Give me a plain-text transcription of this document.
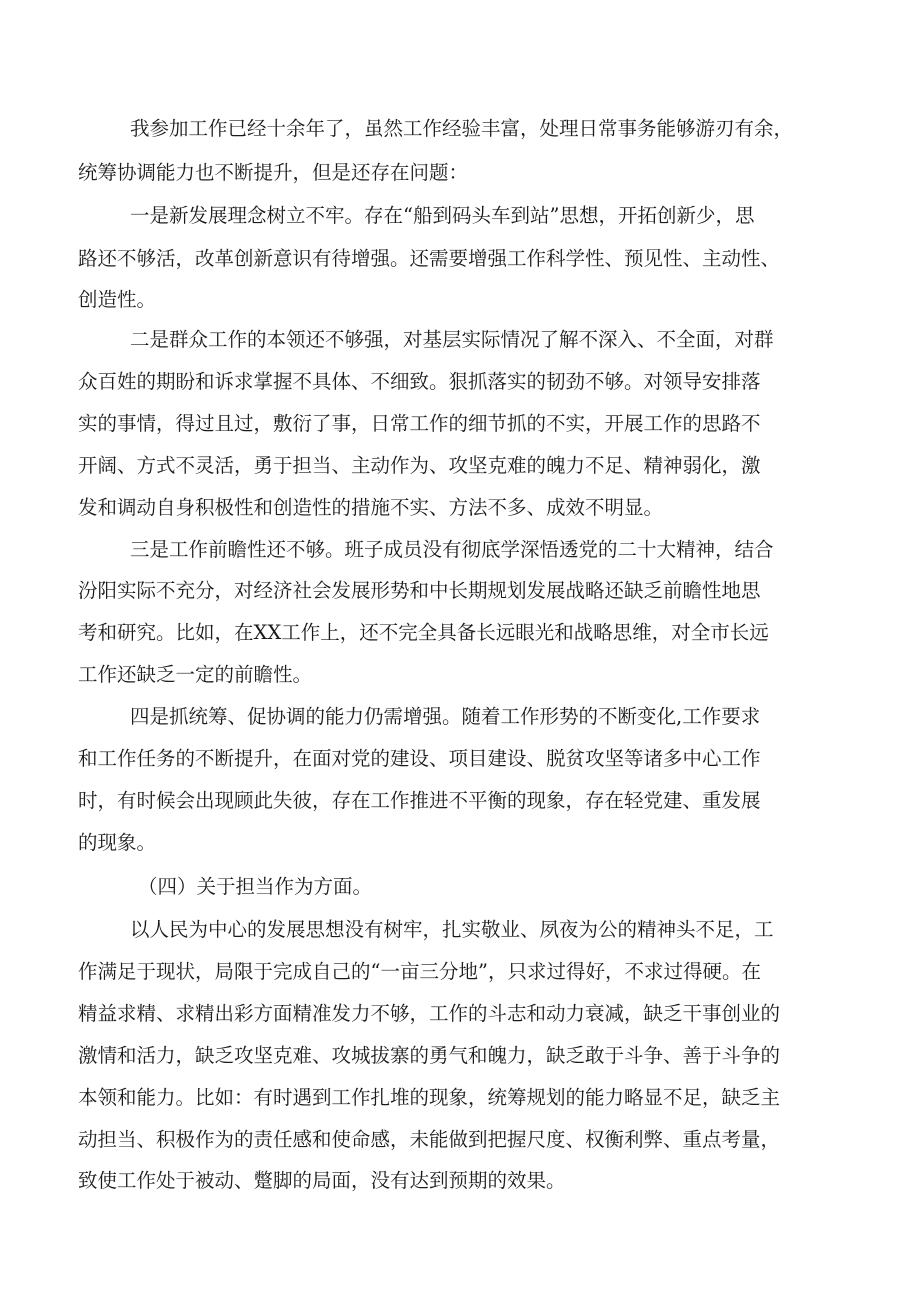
我参加工作已经十余年了，虽然工作经验丰富，处理日常事务能够游刃有余，

统筹协调能力也不断提升，但是还存在问题：

一是新发展理念树立不牢。存在“船到码头车到站”思想，开拓创新少，思

路还不够活，改革创新意识有待增强。还需要增强工作科学性、预见性、主动性、

创造性。

二是群众工作的本领还不够强，对基层实际情况了解不深入、不全面，对群

众百姓的期盼和诉求掌握不具体、不细致。狠抓落实的韧劲不够。对领导安排落

实的事情，得过且过，敷衍了事，日常工作的细节抓的不实，开展工作的思路不

开阔、方式不灵活，勇于担当、主动作为、攻坚克难的魄力不足、精神弱化，激

发和调动自身积极性和创造性的措施不实、方法不多、成效不明显。

三是工作前瞻性还不够。班子成员没有彻底学深悟透党的二十大精神，结合

汾阳实际不充分，对经济社会发展形势和中长期规划发展战略还缺乏前瞻性地思

考和研究。比如，在XX工作上，还不完全具备长远眼光和战略思维，对全市长远

工作还缺乏一定的前瞻性。

四是抓统筹、促协调的能力仍需增强。随着工作形势的不断变化,工作要求

和工作任务的不断提升，在面对党的建设、项目建设、脱贫攻坚等诸多中心工作

时，有时候会出现顾此失彼，存在工作推进不平衡的现象，存在轻党建、重发展

的现象。

（四）关于担当作为方面。

以人民为中心的发展思想没有树牢，扎实敬业、夙夜为公的精神头不足，工

作满足于现状，局限于完成自己的“一亩三分地”，只求过得好，不求过得硬。在

精益求精、求精出彩方面精准发力不够，工作的斗志和动力衰减，缺乏干事创业的

激情和活力，缺乏攻坚克难、攻城拔寨的勇气和魄力，缺乏敢于斗争、善于斗争的

本领和能力。比如：有时遇到工作扎堆的现象，统筹规划的能力略显不足，缺乏主

动担当、积极作为的责任感和使命感，未能做到把握尺度、权衡利弊、重点考量，

致使工作处于被动、蹩脚的局面，没有达到预期的效果。
